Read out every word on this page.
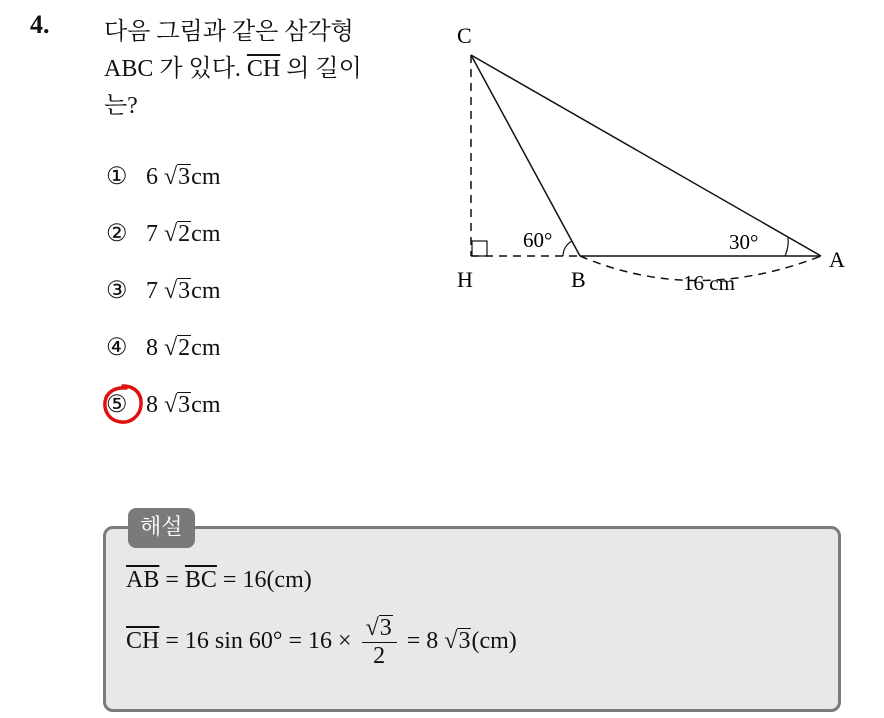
4. 다음 그림과 같은 삼각형
ABC 가 있다. $\overline{CH}$ 의 길이
는?
① 6 √3cm
② 7 √2cm
③ 7 √3cm
④ 8 √2cm
⑤ 8 √3cm
C
H	B
A
60°	30°
16 cm
$\overline{AB} = \overline{BC} = 16(cm)$
$\overline{CH} = 16$ $\sin 60^\circ = 16 \times \frac{√3}{2} = 8$ √3(cm)
해설
